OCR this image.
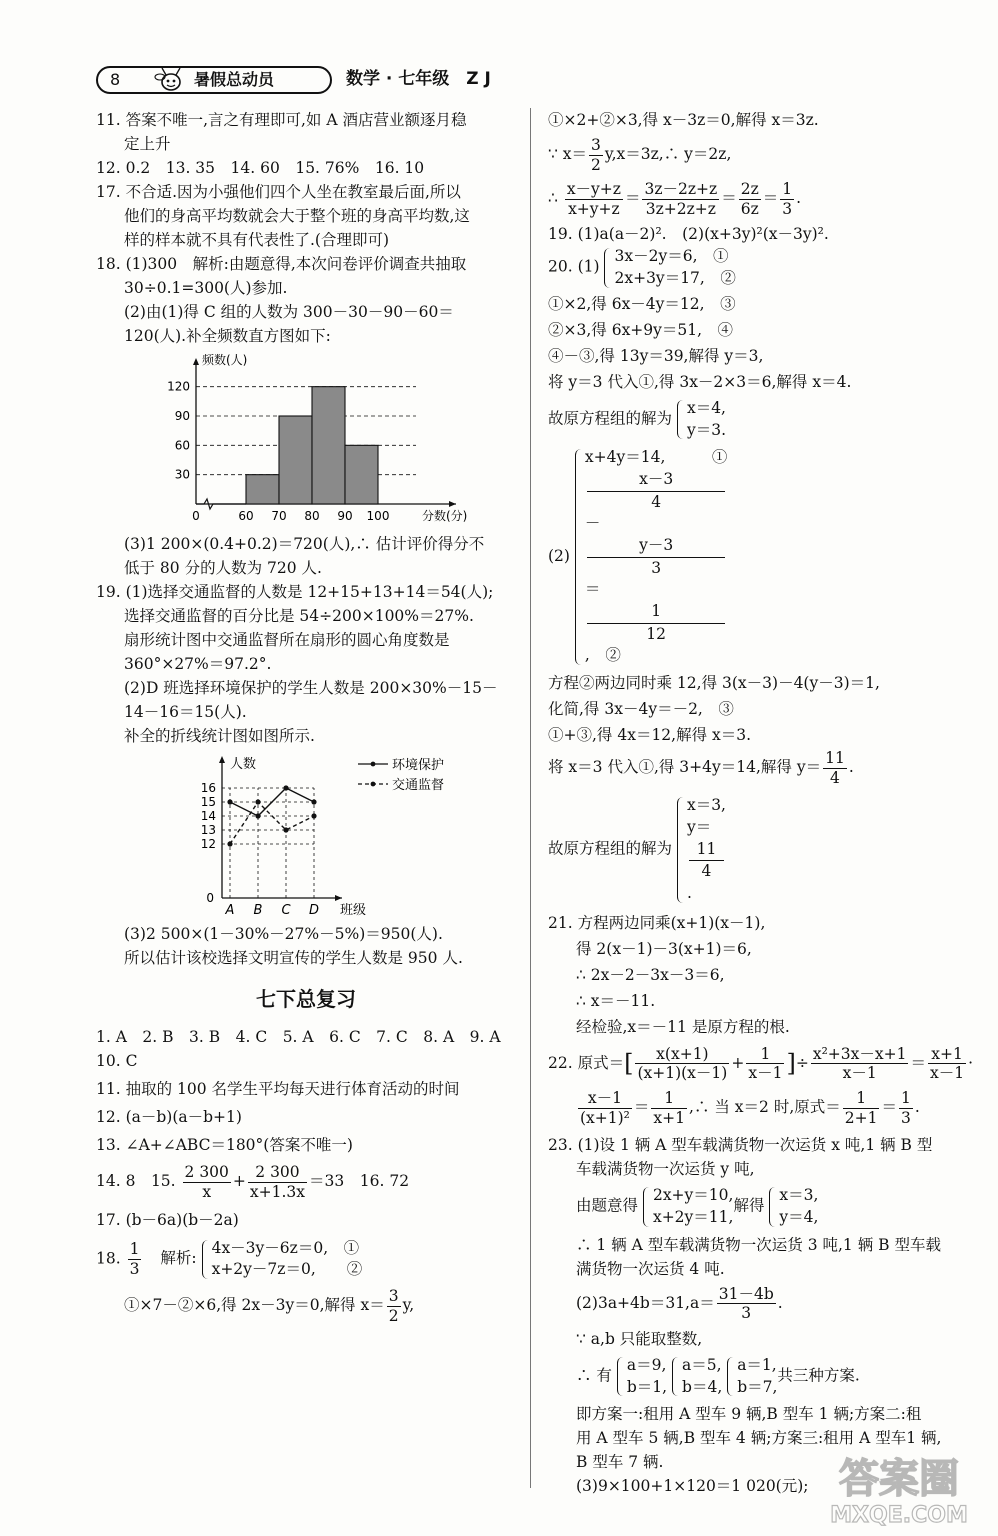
8	暑假总动员	数学 · 七年级　Z J

11. 答案不唯一,言之有理即可,如 A 酒店营业额逐月稳

定上升

12. 0.2　13. 35　14. 60　15. 76%　16. 10

17. 不合适.因为小强他们四个人坐在教室最后面,所以

他们的身高平均数就会大于整个班的身高平均数,这

样的样本就不具有代表性了.(合理即可)

18. (1)300　解析:由题意得,本次问卷评价调查共抽取

30÷0.1=300(人)参加.

(2)由(1)得 C 组的人数为 300－30－90－60＝

120(人).补全频数直方图如下:

频数(人)
30
60
90
120
0	60 70 80 90 100	分数(分)

(3)1 200×(0.4+0.2)＝720(人),∴ 估计评价得分不

低于 80 分的人数为 720 人.

19. (1)选择交通监督的人数是 12+15+13+14＝54(人);

选择交通监督的百分比是 54÷200×100%＝27%.

扇形统计图中交通监督所在扇形的圆心角度数是

360°×27%＝97.2°.

(2)D 班选择环境保护的学生人数是 200×30%－15－

14－16＝15(人).

补全的折线统计图如图所示.

人数
0
12
13
14
15
16
A B C D 班级
环境保护
交通监督

(3)2 500×(1－30%－27%－5%)＝950(人).

所以估计该校选择文明宣传的学生人数是 950 人.

七下总复习

1. A　2. B　3. B　4. C　5. A　6. C　7. C　8. A　9. A

10. C

11. 抽取的 100 名学生平均每天进行体育活动的时间

12. (a－b)(a－b+1)

13. ∠A+∠ABC＝180°(答案不唯一)

14. 8　15. $\frac{2 300}{x} + \frac{2 300}{x+1.3x} =33$　16. 72

17. (b－6a)(b－2a)

18. $\frac{1}{3}$ 解析:
4x－3y－6z＝0,　①
x+2y－7z＝0,　　②

①×7－②×6,得 2x－3y＝0,解得 $x= \frac{3}{2} y$,

①×2+②×3,得 x－3z＝0,解得 x＝3z.

∵ $x= \frac{3}{2}$ y,x＝3z,∴ y＝2z,

∴ $\frac{x-y+z}{x+y+z} = \frac{3z-2z+z}{3z+2z+z} = \frac{2z}{6z} = \frac{1}{3}$ .

19. (1)a(a－2)².　(2)(x+3y)²(x－3y)².

20. (1)
3x－2y＝6,　①
2x+3y＝17,　②

①×2,得 6x－4y＝12,　③

②×3,得 6x+9y＝51,　④

④－③,得 13y＝39,解得 y＝3,

将 y＝3 代入①,得 3x－2×3＝6,解得 x＝4.

故原方程组的解为
x＝4,
y＝3.

(2)
x+4y＝14,　　　①
x－3
4
－
y－3
3
＝
1
12
,　②

方程②两边同时乘 12,得 3(x－3)－4(y－3)＝1,

化简,得 3x－4y＝－2,　③

①+③,得 4x＝12,解得 x＝3.

将 x＝3 代入①,得 3+4y＝14,解得 $y= \frac{11}{4}$ .

故原方程组的解为
x＝3,
y＝
11
4
.

21. 方程两边同乘(x+1)(x－1),

得 2(x－1)－3(x+1)＝6,

∴ 2x－2－3x－3＝6,

∴ x＝－11.

经检验,x＝－11 是原方程的根.

22. 原式＝[ $\frac{x(x+1)}{(x+1)(x-1)} + \frac{1}{x-1}$ ]÷ $\frac{\text{x²+3x－x+1}}{x-1} = \frac{x+1}{x-1}$ ·

$\frac{x-1}{\text{(x+1)²}} = \frac{1}{x+1}$ ,∴ 当 x＝2 时,原式＝ $\frac{1}{2+1} = \frac{1}{3}$ .

23. (1)设 1 辆 A 型车载满货物一次运货 x 吨,1 辆 B 型

车载满货物一次运货 y 吨,

由题意得
2x+y＝10,
x+2y＝11,
解得
x＝3,
y＝4,

∴ 1 辆 A 型车载满货物一次运货 3 吨,1 辆 B 型车载

满货物一次运货 4 吨.

$(2)3a+4b=31,a= \frac{31-4b}{3}$ .

∵ a,b 只能取整数,

∴ 有
a＝9,
b＝1,

a＝5,
b＝4,

a＝1,
b＝7,
共三种方案.

即方案一:租用 A 型车 9 辆,B 型车 1 辆;方案二:租

用 A 型车 5 辆,B 型车 4 辆;方案三:租用 A 型车1 辆,

B 型车 7 辆.

(3)9×100+1×120＝1 020(元); 答案圈
MXQE.COM
